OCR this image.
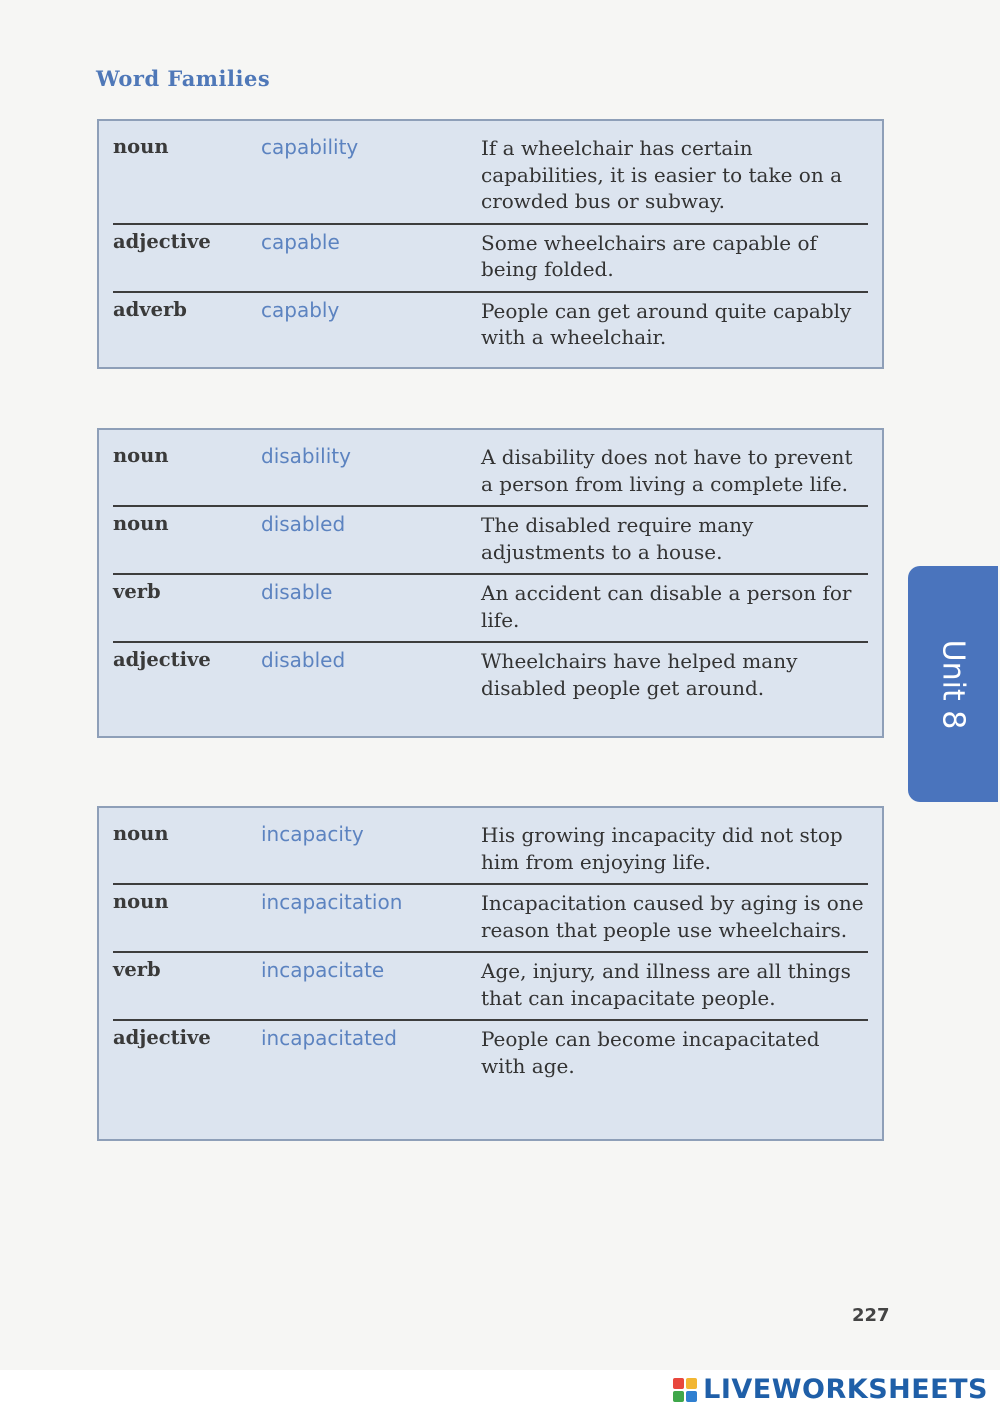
Word Families
noun	capability	If a wheelchair has certain capabilities, it is easier to take on a crowded bus or subway.
adjective	capable	Some wheelchairs are capable of being folded.
adverb	capably	People can get around quite capably with a wheelchair.
noun	disability	A disability does not have to prevent a person from living a complete life.
noun	disabled	The disabled require many adjustments to a house.
verb	disable	An accident can disable a person for life.
adjective	disabled	Wheelchairs have helped many disabled people get around.
noun	incapacity	His growing incapacity did not stop him from enjoying life.
noun	incapacitation	Incapacitation caused by aging is one reason that people use wheelchairs.
verb	incapacitate	Age, injury, and illness are all things that can incapacitate people.
adjective	incapacitated	People can become incapacitated with age.
Unit 8
227
LIVEWORKSHEETS
